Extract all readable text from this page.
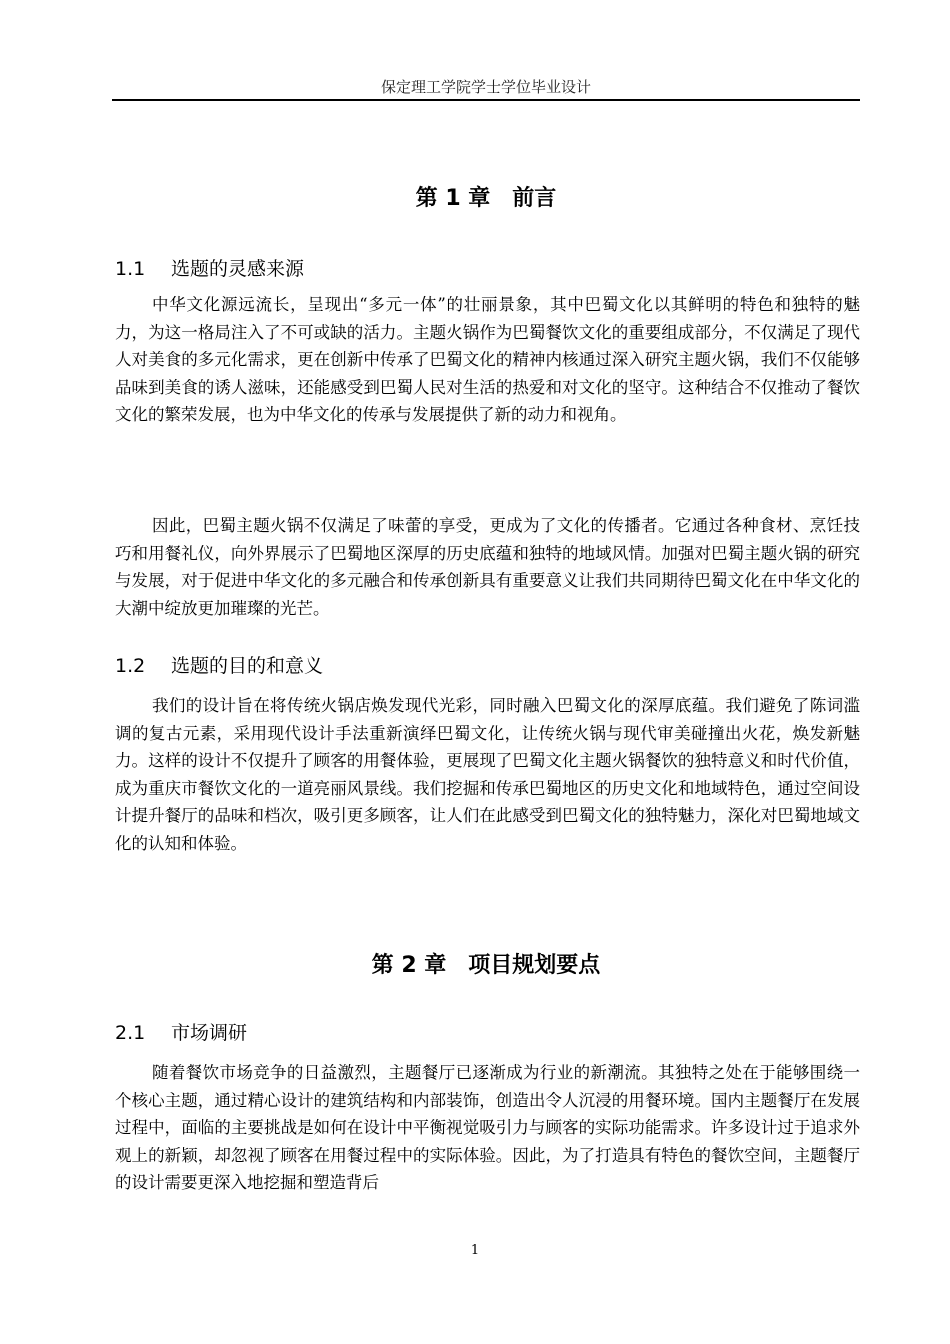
保定理工学院学士学位毕业设计
第 1 章　前言
1.1 选题的灵感来源

中华文化源远流长，呈现出“多元一体”的壮丽景象，其中巴蜀文化以其鲜明的特色和独特的魅力，为这一格局注入了不可或缺的活力。主题火锅作为巴蜀餐饮文化的重要组成部分，不仅满足了现代人对美食的多元化需求，更在创新中传承了巴蜀文化的精神内核通过深入研究主题火锅，我们不仅能够品味到美食的诱人滋味，还能感受到巴蜀人民对生活的热爱和对文化的坚守。这种结合不仅推动了餐饮文化的繁荣发展，也为中华文化的传承与发展提供了新的动力和视角。

因此，巴蜀主题火锅不仅满足了味蕾的享受，更成为了文化的传播者。它通过各种食材、烹饪技巧和用餐礼仪，向外界展示了巴蜀地区深厚的历史底蕴和独特的地域风情。加强对巴蜀主题火锅的研究与发展，对于促进中华文化的多元融合和传承创新具有重要意义让我们共同期待巴蜀文化在中华文化的大潮中绽放更加璀璨的光芒。

1.2 选题的目的和意义

我们的设计旨在将传统火锅店焕发现代光彩，同时融入巴蜀文化的深厚底蕴。我们避免了陈词滥调的复古元素，采用现代设计手法重新演绎巴蜀文化，让传统火锅与现代审美碰撞出火花，焕发新魅力。这样的设计不仅提升了顾客的用餐体验，更展现了巴蜀文化主题火锅餐饮的独特意义和时代价值，成为重庆市餐饮文化的一道亮丽风景线。我们挖掘和传承巴蜀地区的历史文化和地域特色，通过空间设计提升餐厅的品味和档次，吸引更多顾客，让人们在此感受到巴蜀文化的独特魅力，深化对巴蜀地域文化的认知和体验。

第 2 章　项目规划要点
2.1 市场调研

随着餐饮市场竞争的日益激烈，主题餐厅已逐渐成为行业的新潮流。其独特之处在于能够围绕一个核心主题，通过精心设计的建筑结构和内部装饰，创造出令人沉浸的用餐环境。国内主题餐厅在发展过程中，面临的主要挑战是如何在设计中平衡视觉吸引力与顾客的实际功能需求。许多设计过于追求外观上的新颖，却忽视了顾客在用餐过程中的实际体验。因此，为了打造具有特色的餐饮空间，主题餐厅的设计需要更深入地挖掘和塑造背后

1
